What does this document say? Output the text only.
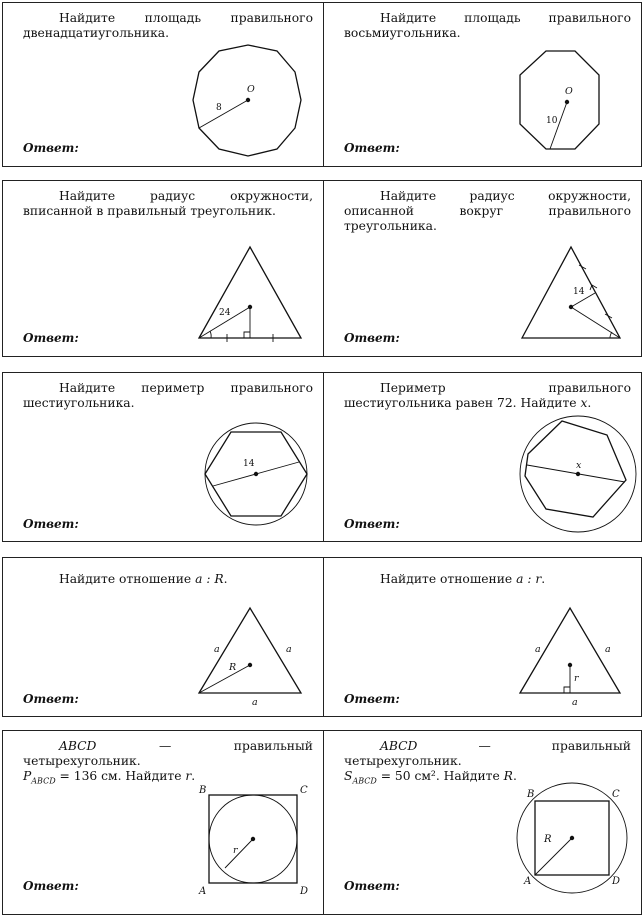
Найдите площадь правильного двенадцатиугольника.
O
8
Ответ:
Найдите площадь правильного восьмиугольника.
O
10
Ответ:
Найдите радиус окружности, вписанной в правильный треугольник.
24
Ответ:
Найдите радиус окружности, описанной вокруг правильного треугольника.
14
Ответ:
Найдите периметр правильного шестиугольника.
14
Ответ:
Периметр правильного шестиугольника равен 72. Найдите x.
x
Ответ:
Найдите отношение a : R.
a	a
a
R
Ответ:
Найдите отношение a : r.
a	a
a
r
Ответ:
ABCD — правильный четырехугольник.
$P_{ABCD} = 136$ см. Найдите r.
B	C
A	D
r
Ответ:
ABCD — правильный четырехугольник.
$S_{ABCD} = 50$ см². Найдите R.
B	C
A	D
R
Ответ:
